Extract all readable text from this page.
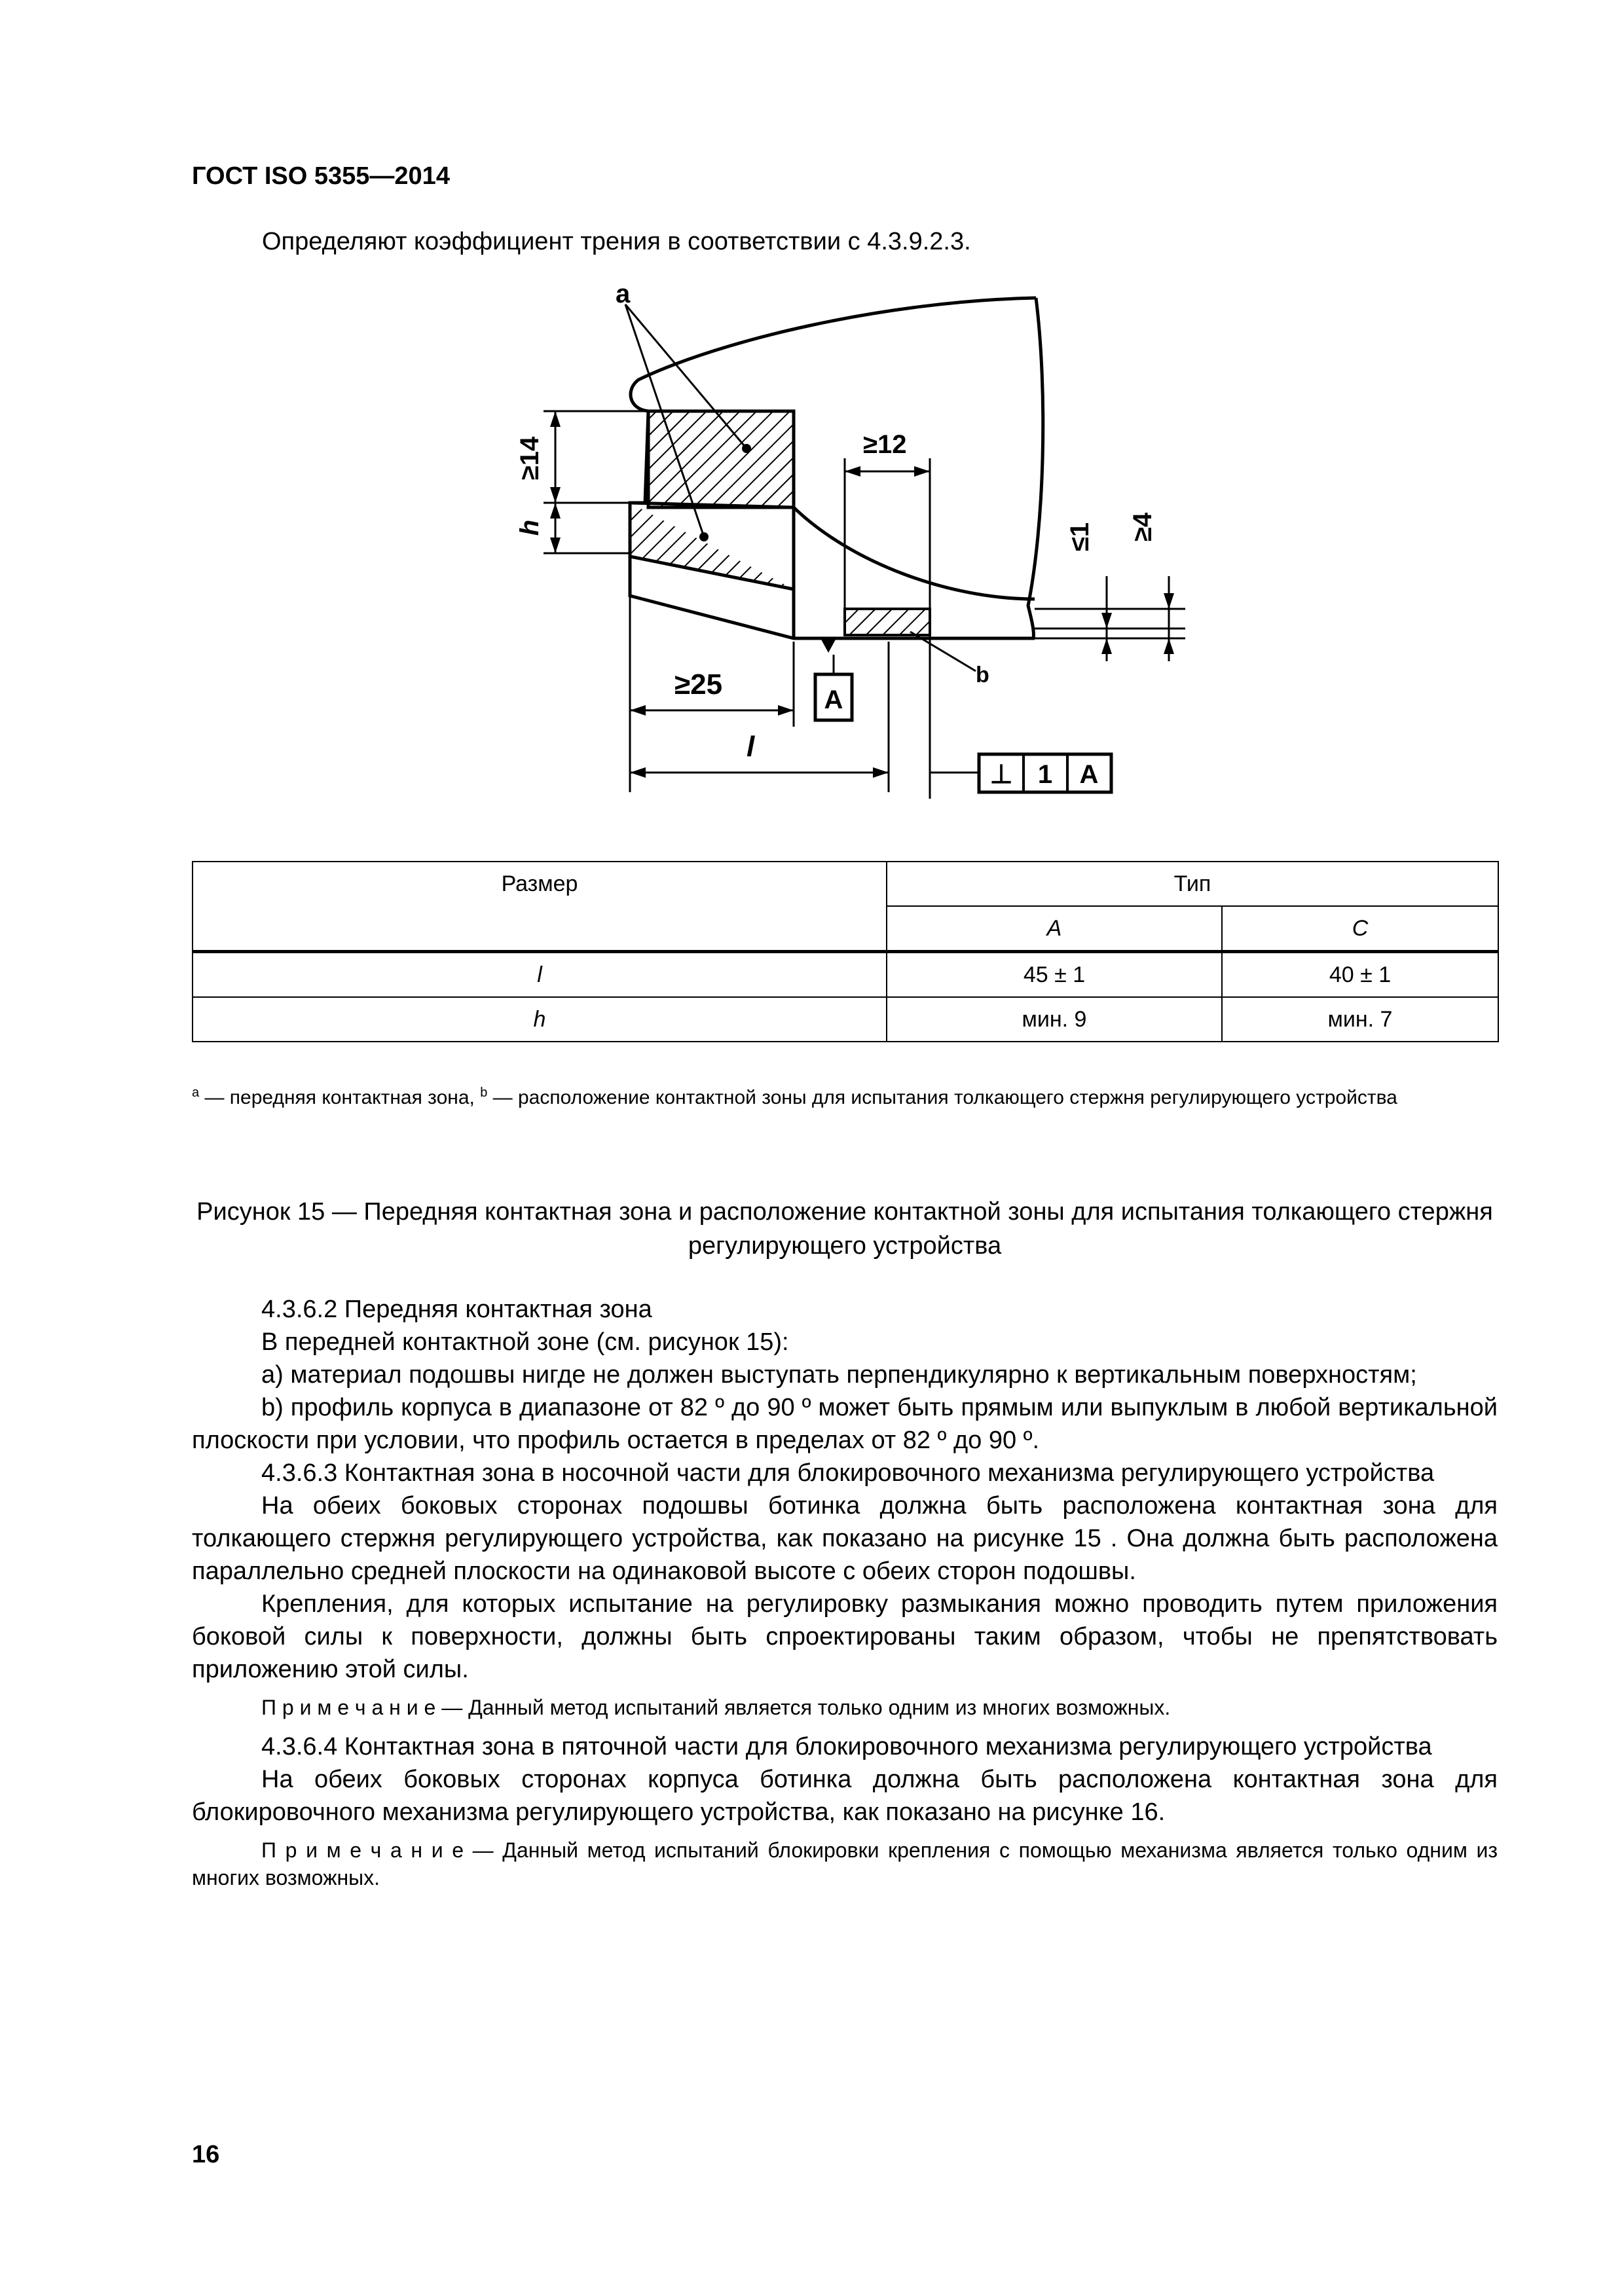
ГОСТ ISO 5355—2014
Определяют коэффициент трения в соответствии с 4.3.9.2.3.
a
b
≥12
≥25
l
A
⊥ 1 A
≥14
h	≤1 ≥4
Размер	Тип	
	A	C
l	45 ± 1	40 ± 1
h	мин. 9	мин. 7
$^a$ — передняя контактная зона, $^b$ — расположение контактной зоны для испытания толкающего стержня регулирующего устройства
Рисунок 15 — Передняя контактная зона и расположение контактной зоны для испытания толкающего стержня регулирующего устройства

4.3.6.2 Передняя контактная зона

В передней контактной зоне (см. рисунок 15):

a) материал подошвы нигде не должен выступать перпендикулярно к вертикальным поверхностям;

b) профиль корпуса в диапазоне от 82 º до 90 º может быть прямым или выпуклым в любой вертикальной плоскости при условии, что профиль остается в пределах от 82 º до 90 º.

4.3.6.3 Контактная зона в носочной части для блокировочного механизма регулирующего устройства

На обеих боковых сторонах подошвы ботинка должна быть расположена контактная зона для толкающего стержня регулирующего устройства, как показано на рисунке 15 . Она должна быть расположена параллельно средней плоскости на одинаковой высоте с обеих сторон подошвы.

Крепления, для которых испытание на регулировку размыкания можно проводить путем приложения боковой силы к поверхности, должны быть спроектированы таким образом, чтобы не препятствовать приложению этой силы.

П р и м е ч а н и е — Данный метод испытаний является только одним из многих возможных.

4.3.6.4 Контактная зона в пяточной части для блокировочного механизма регулирующего устройства

На обеих боковых сторонах корпуса ботинка должна быть расположена контактная зона для блокировочного механизма регулирующего устройства, как показано на рисунке 16.

П р и м е ч а н и е — Данный метод испытаний блокировки крепления с помощью механизма является только одним из многих возможных.

16
